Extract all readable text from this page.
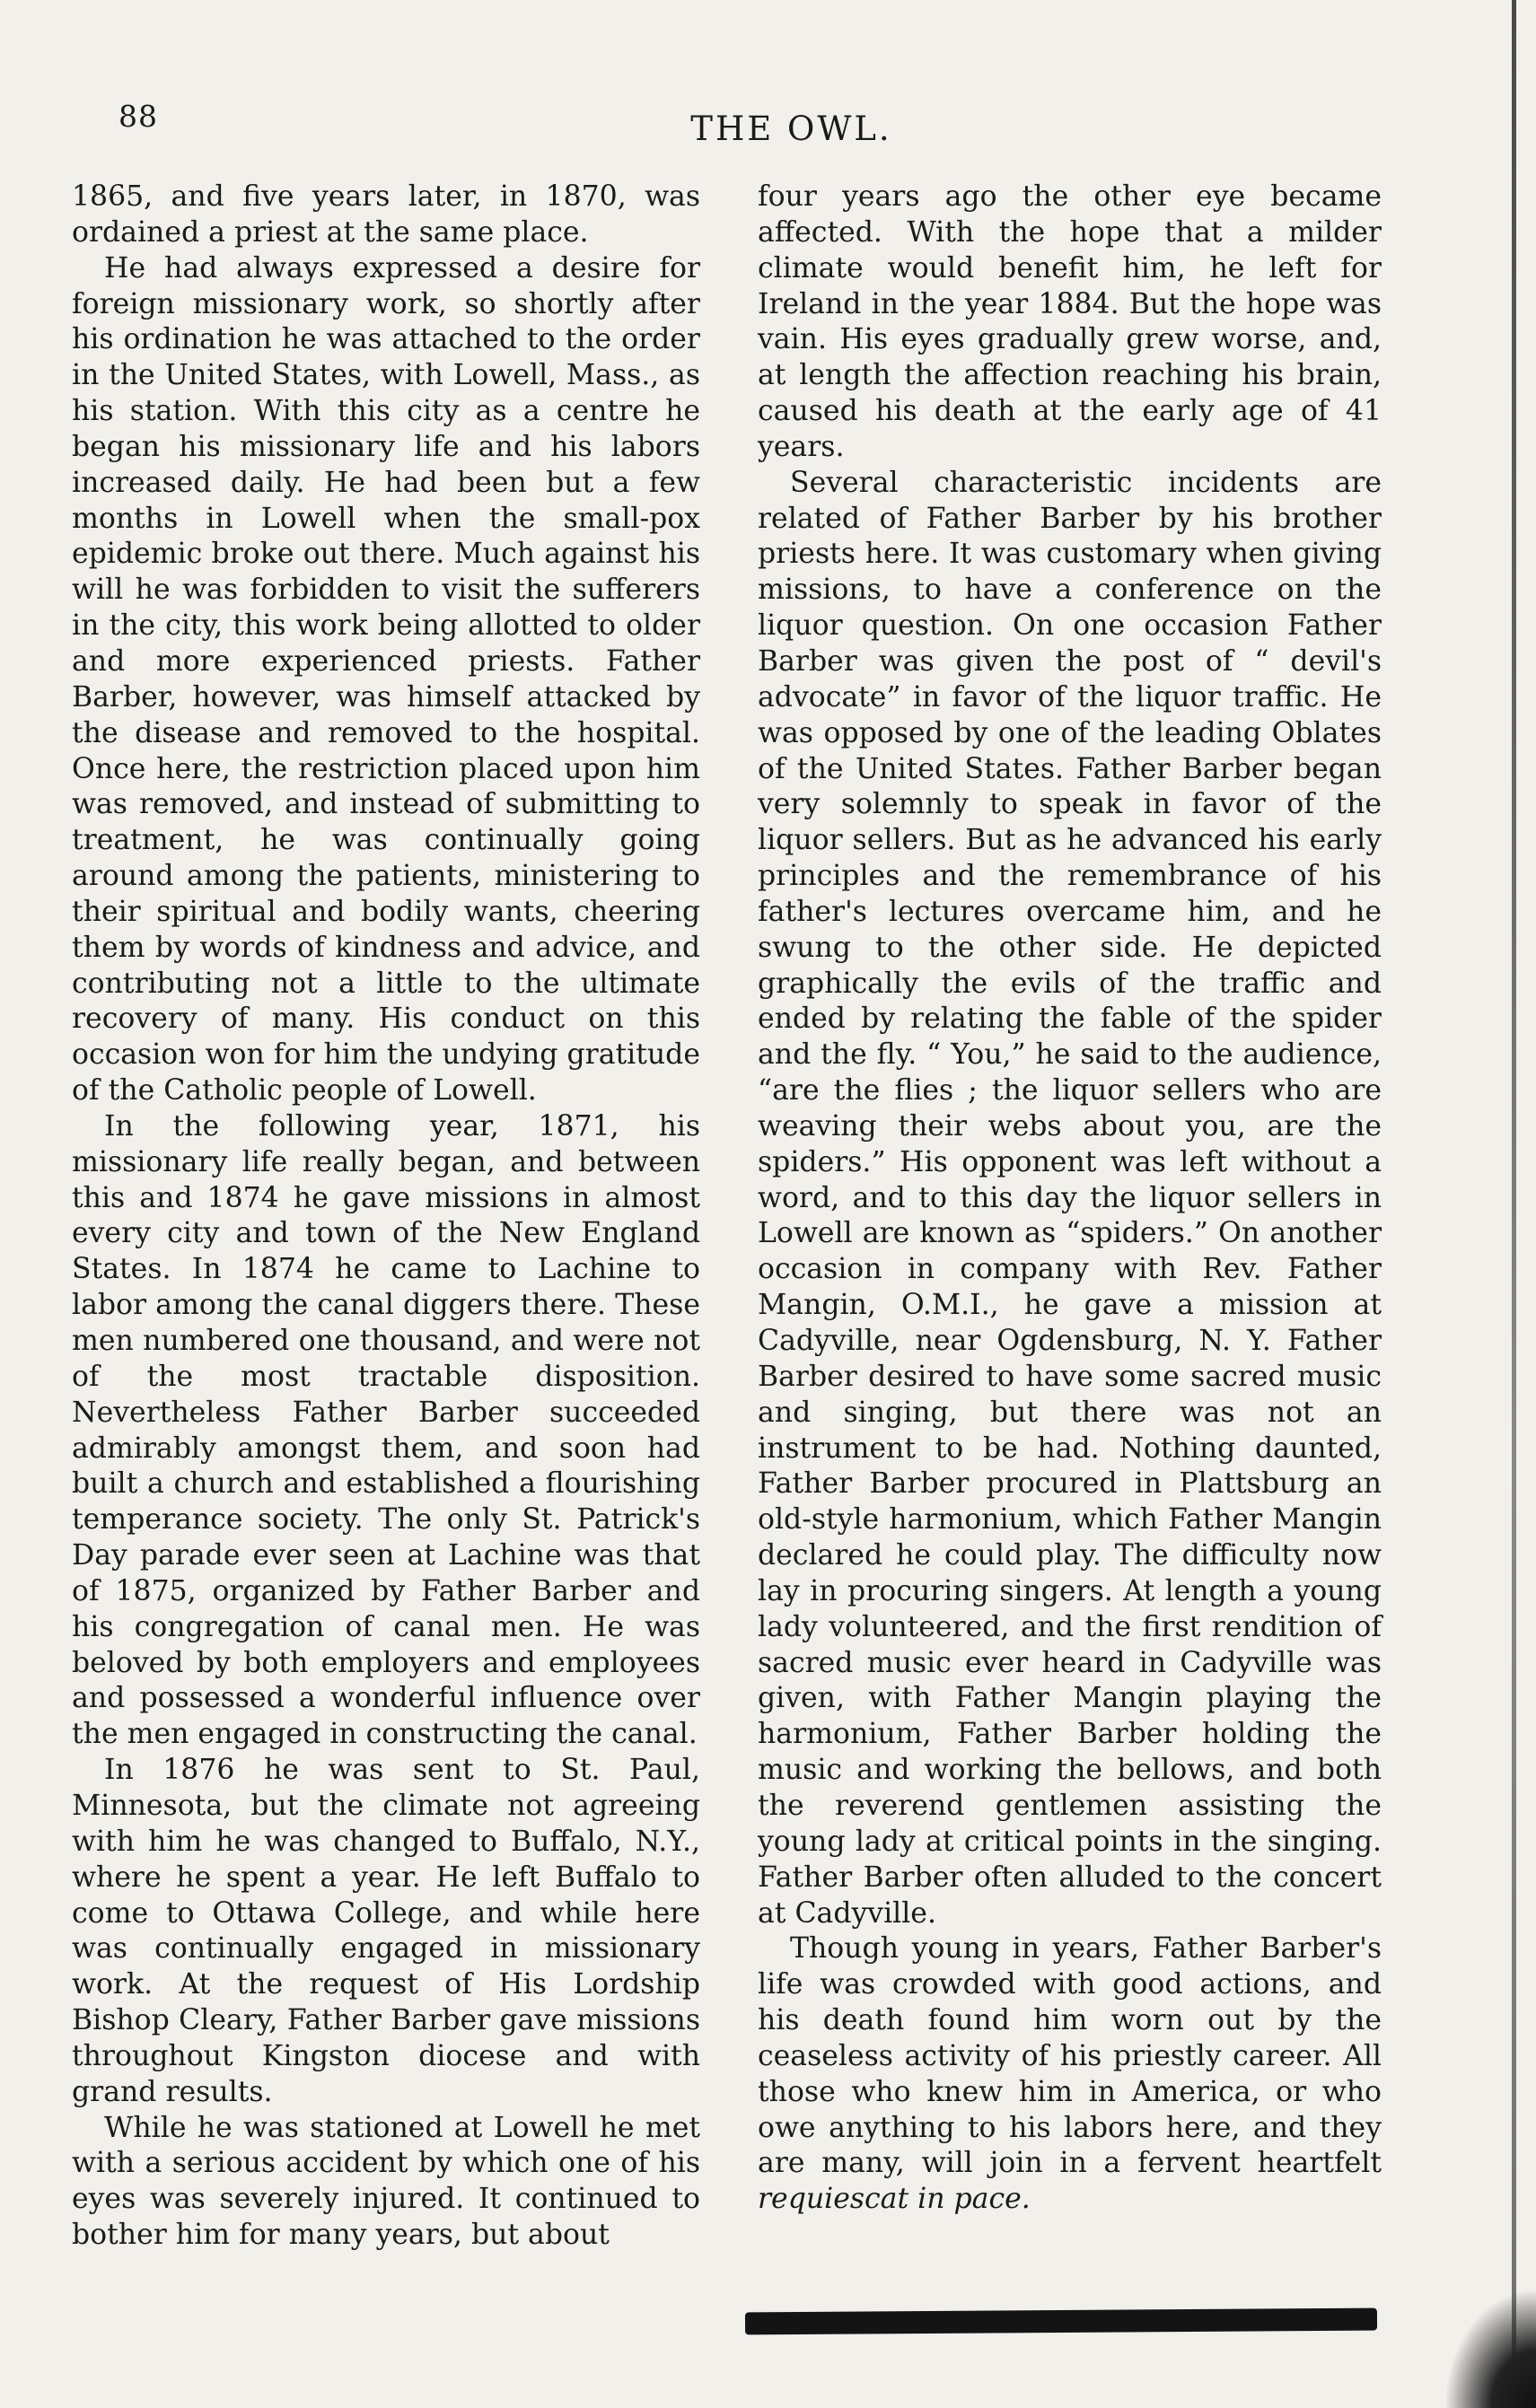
88	THE OWL.

1865, and five years later, in 1870, was ordained a priest at the same place.

He had always expressed a desire for foreign missionary work, so shortly after his ordination he was attached to the order in the United States, with Lowell, Mass., as his station. With this city as a centre he began his missionary life and his labors increased daily. He had been but a few months in Lowell when the small-pox epidemic broke out there. Much against his will he was forbidden to visit the sufferers in the city, this work being allotted to older and more experienced priests. Father Barber, however, was himself attacked by the disease and removed to the hospital. Once here, the restriction placed upon him was removed, and instead of submitting to treatment, he was continually going around among the patients, ministering to their spiritual and bodily wants, cheering them by words of kindness and advice, and contributing not a little to the ultimate recovery of many. His conduct on this occasion won for him the undying gratitude of the Catholic people of Lowell.

In the following year, 1871, his missionary life really began, and between this and 1874 he gave missions in almost every city and town of the New England States. In 1874 he came to Lachine to labor among the canal diggers there. These men numbered one thousand, and were not of the most tractable disposition. Nevertheless Father Barber succeeded admirably amongst them, and soon had built a church and established a flourishing temperance society. The only St. Patrick's Day parade ever seen at Lachine was that of 1875, organized by Father Barber and his congregation of canal men. He was beloved by both employers and employees and possessed a wonderful influence over the men engaged in constructing the canal.

In 1876 he was sent to St. Paul, Minnesota, but the climate not agreeing with him he was changed to Buffalo, N.Y., where he spent a year. He left Buffalo to come to Ottawa College, and while here was continually engaged in missionary work. At the request of His Lordship Bishop Cleary, Father Barber gave missions throughout Kingston diocese and with grand results.

While he was stationed at Lowell he met with a serious accident by which one of his eyes was severely injured. It continued to bother him for many years, but about

four years ago the other eye became affected. With the hope that a milder climate would benefit him, he left for Ireland in the year 1884. But the hope was vain. His eyes gradually grew worse, and, at length the affection reaching his brain, caused his death at the early age of 41 years.

Several characteristic incidents are related of Father Barber by his brother priests here. It was customary when giving missions, to have a conference on the liquor question. On one occasion Father Barber was given the post of “ devil's advocate” in favor of the liquor traffic. He was opposed by one of the leading Oblates of the United States. Father Barber began very solemnly to speak in favor of the liquor sellers. But as he advanced his early principles and the remembrance of his father's lectures overcame him, and he swung to the other side. He depicted graphically the evils of the traffic and ended by relating the fable of the spider and the fly. “ You,” he said to the audience, “are the flies ; the liquor sellers who are weaving their webs about you, are the spiders.” His opponent was left without a word, and to this day the liquor sellers in Lowell are known as “spiders.” On another occasion in company with Rev. Father Mangin, O.M.I., he gave a mission at Cadyville, near Ogdensburg, N. Y. Father Barber desired to have some sacred music and singing, but there was not an instrument to be had. Nothing daunted, Father Barber procured in Plattsburg an old-style harmonium, which Father Mangin declared he could play. The difficulty now lay in procuring singers. At length a young lady volunteered, and the first rendition of sacred music ever heard in Cadyville was given, with Father Mangin playing the harmonium, Father Barber holding the music and working the bellows, and both the reverend gentlemen assisting the young lady at critical points in the singing. Father Barber often alluded to the concert at Cadyville.

Though young in years, Father Barber's life was crowded with good actions, and his death found him worn out by the ceaseless activity of his priestly career. All those who knew him in America, or who owe anything to his labors here, and they are many, will join in a fervent heartfelt requiescat in pace.
